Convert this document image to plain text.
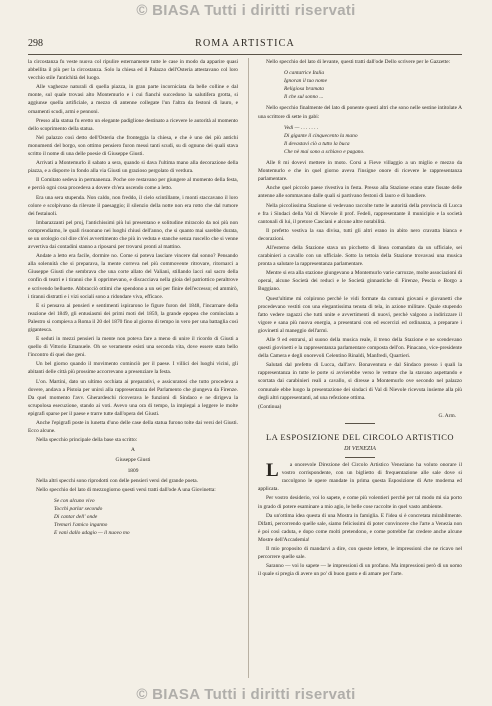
© BIASA Tutti i diritti riservati
298	ROMA ARTISTICA

la circostanza fu veste nuova col ripulire esternamente tutte le case in modo da apparire quasi abbellita il più per la circostanza. Solo la chiesa ed il Palazzo dell'Osteria attestavano col loro vecchio stile l'antichità del luogo.

Alle vaghezze naturali di quella piazza, in gran parte incorniciata da belle colline e dal monte, sul quale trovasi alto Montemurlo e i cui fianchi succedono la salutifera grotta, si aggiunse quella artificiale, a mezzo di antenne collegate l'un l'altra da festoni di lauro, e ornamenti scudi, armi e pennoni.

Presso alla statua fu eretto un elegante padiglione destinato a ricevere le autorità al momento dello scoprimento della statua.

Nel palazzo così detto dell'Osteria che fronteggia la chiesa, e che è uno dei più antichi monumenti del borgo, son ottimo pensiero furon messi tanti scudi, su di ognuno dei quali stava scritto il nome di una delle poesie di Giuseppe Giusti.

Arrivati a Montemurlo il sabato a sera, quando si dava l'ultima mano alla decorazione della piazza, e a disporre in fondo alla via Giusti un grazioso pergolato di verdura.

Il Comitato sedeva in permanenza. Poche ore restavano per giungere al momento della festa, e perciò ogni cosa procedeva a dovere ch'era uscendo come a letto.

Era una sera stupenda. Non caldo, non freddo, il cielo scintillante, i monti staccavano il loro colore e scolpivano da rilevate il paesaggio; il silenzio della notte non era rotto che dal rumore dei festaiuoli.

Imbarazzanti pel proj, l'antichissimi più lui presentano e solitudine miracolo da noi più non comprendiamo, le quali risuonano nei luoghi chiusi dell'anno, che si quanto mai sarebbe durata, se un orologio col dire ch'ei avvertimento che più in veduta e stanche senza ruscello che si venne avvertiva dai contadini stanno a riposarsi per trovarsi pronti al mattino.

Andate a letto era facile, dormire no. Come si poteva lasciare vincere dal sonno? Pensando alla solennità che si preparava, la mente correva nel più commovente ritrovare, ritornarci a Giuseppe Giusti che sembrava che una corte allato del Valiani, stillando lacci sul sacro della confin di teatri e i tiranni che li opprimevano, e discacciava nella gioia del patriottico peraltrove e scrivendo belluette. Abbracciò ottimi che spendono a un sei per finire dell'eccesso; ed ammirò, i tiranni distratti e i vizi sociali sono a ridondare viva, efficace.

E si pensava ai pensieri e sentimenti ispirarono le figure furon del 1848, l'incarnare della reazione del 1849, gli entusiasmi dei primi moti del 1859, la grande epopea che cominciata a Palestro si compieva a Roma il 20 del 1870 fino al giorno di tempo in vero per una battaglia così gigantesca.

E seduti in mezzi pensieri la mente non poteva fare a meno di unire il ricordo di Giusti a quello di Vittorio Emanuele. Oh se veramente esisti una seconda vita, dove essere stato bello l'incontro di quei due geni.

Un bel giorno quando il movimento cominciò per il paese. I villici dei luoghi vicini, gli abitanti delle città più prossime accorrevano a presenziare la festa.

L'on. Martini, dato un ultimo occhiata ai preparativi, e assicuratosi che tutto procedeva a dovere, andava a Pistoia per unirsi alla rappresentanza del Parlamento che giungeva da Firenze. Da quel momento l'avv. Gherardeschi ricoverava le funzioni di Sindaco e ne dirigeva la scrupolosa esecuzione, stando ai voti. Avevo una ora di tempo, la impiegai a leggere le molte epigrafi sparse per il paese e trarre tutte dall'opera del Giusti.

Anche l'epigrafi poste in lunetta d'uno delle case della statua furono tolte dai versi del Giusti. Ecco alcune.

Nella specchio principale della base sta scritto:

A
Giuseppe Giusti
1809

Nella altri specchi sono riprodotti con delle pensieri versi del grande poeta.

Nello specchio del lato di mezzogiorno questi versi tratti dall'ode A una Giovinetta:

Se con alcuno vivo
Tocchi parlar secondo
Di cantar dell' onde
Tremari l'amico inganno
E vani dallo adagio — il nuovo mo

Nello specchio del lato di levante, questi tratti dall'ode Dello scrivere per le Gazzette:

O cantatrice Italia
Ignoran il tuo nome
Religiosa bramata
Il che sul sonno ...

Nello specchio finalmente del lato di ponente questi altri che sono nelle sestine intitolate A una scrittore di sette in gabi:

Vedi — . . . . . . .
Di gigante il cinquecento la mano
Il devastavi ciò a tutto la buca
Che nè mai sono a schiavo e pagano.

Alle 8 mi dovevi mettere in moto. Corsi a Fieve villaggio a un miglio e mezzo da Montemurlo e che in quel giorno aveva l'insigne onore di ricevere le rappresentanza parlamentare.

Anche quel piccolo paese rivestiva in festa. Presso alla Stazione erano state fissate delle antenne alle sommavano dalle quali si partivano festoni di lauro e di bandiere.

Nella piccolissima Stazione si vedevano raccolte tutte le autorità della provincia di Lucca e fra i Sindaci della Val di Nievole il prof. Fedeli, rappresentante il municipio e la società cantonali di lui, il pretore Casciani e alcune altre notabilità.

Il prefetto vestiva la sua divisa, tutti gli altri erano in abito nero cravatta bianca e decorazioni.

All'esterno della Stazione stava un picchetto di linea comandato da un ufficiale, sei carabinieri a cavallo con un ufficiale. Sotto la tettoia della Stazione trovavasi una musica pronta a salutare la rappresentanza parlamentare.

Mentre si era alla stazione giungevano a Montemurlo varie carrozze, molte associazioni di operai, alcune Società dei reduci e le Società ginnastiche di Firenze, Pescia e Borgo a Buggiano.

Quest'ultime mi colpirono perchè le vidi formate da comuni giovani e giovanetti che procedevano vestiti con una elegantissima tenuta di tela, in azione militare. Quale stupendo fatto vedere ragazzi che tutti unite e avvertimenti di nuovi, perchè valgono a indirizzare il vigore e sana più nuova energia, a presentarsi con ed escercizi ed ordinanza, a preparare i giovinetti al maneggio dell'armi.

Alle 9 ed entrarsi, al suono della musica reale, il treno della Stazione e ne scendevano questi giovinetti e la rappresentanza parlamentare composta dell'on. Pinacano, vice-presidente della Camera e degli onorevoli Celentino Rinaldi, Manfredi, Quartieri.

Salutati dal prefetto di Lucca, dall'avv. Bonaventura e dal Sindaco presso i quali la rappresentanza in tutte le porte si avvierebbe verso le vetture che la stavano aspettando e scortata dai carabinieri reali a cavallo, si diresse a Montemurlo ove secondo nel palazzo comunale ebbe luogo la presentazione dei sindaci di Val di Nievole ricevuta insieme alla più degli altri rappresentanti, ad una refezione ottima.

(Continua)

G. Arm.
LA ESPOSIZIONE DEL CIRCOLO ARTISTICO
DI VENEZIA

L a onorevole Direzione del Circolo Artistico Veneziano ha voluto onorare il vostro corrispondente, con un biglietto di frequentazione alle sale dove si raccolgono le opere mandate in prima questa Esposizione di Arte moderna ed applicata.

Per vostro desiderio, voi lo sapete, e come più volentieri perchè per tal modo mi sia porto in grado di potere esaminare a mio agio, le belle cose raccolte in quel vasto ambiente.

Da un'ottima idea questa di una Mostra in famiglia. E l'idea si è concretata mirabilmente. Difatti, percorrendo quelle sale, siamo felicissimi di poter convincere che l'arte a Venezia non è poi così caduta, e dopo come molti pretendono, e come potrebbe far credere anche alcune Mostre dell'Accademia!

Il mio proposito di mandarvi a dire, con queste lettere, le impressioni che ne ricavo nel percorrere quelle sale.

Saranno — voi lo sapete — le impressioni di un profano. Ma impressioni però di un uomo il quale si pregia di avere un po' di buon gusto e di amare per l'arte.

© BIASA Tutti i diritti riservati
